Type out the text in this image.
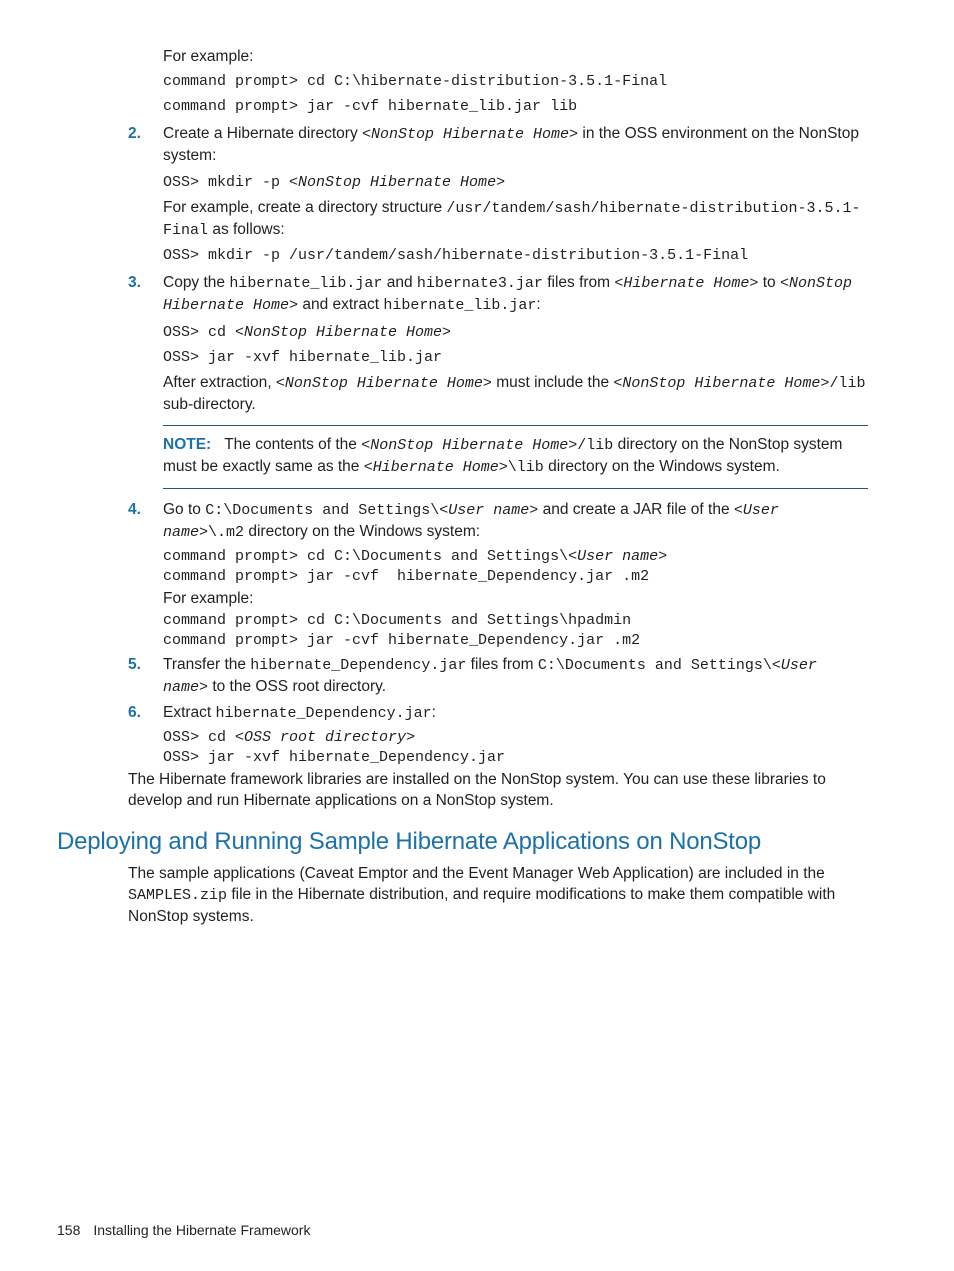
For example:

command prompt> cd C:\hibernate-distribution-3.5.1-Final
command prompt> jar -cvf hibernate_lib.jar lib
2.	Create a Hibernate directory <NonStop Hibernate Home> in the OSS environment on the NonStop system:
OSS> mkdir -p <NonStop Hibernate Home>

For example, create a directory structure /usr/tandem/sash/hibernate-distribution-3.5.1-Final as follows:

OSS> mkdir -p /usr/tandem/sash/hibernate-distribution-3.5.1-Final
3.	Copy the hibernate_lib.jar and hibernate3.jar files from <Hibernate Home> to <NonStop Hibernate Home> and extract hibernate_lib.jar:
OSS> cd <NonStop Hibernate Home>
OSS> jar -xvf hibernate_lib.jar

After extraction, <NonStop Hibernate Home> must include the <NonStop Hibernate Home>/lib sub-directory.

NOTE: The contents of the <NonStop Hibernate Home>/lib directory on the NonStop system must be exactly same as the <Hibernate Home>\lib directory on the Windows system.
4.	Go to C:\Documents and Settings\<User name> and create a JAR file of the <User name>\.m2 directory on the Windows system:
command prompt> cd C:\Documents and Settings\<User name>
command prompt> jar -cvf  hibernate_Dependency.jar .m2

For example:

command prompt> cd C:\Documents and Settings\hpadmin
command prompt> jar -cvf hibernate_Dependency.jar .m2
5.	Transfer the hibernate_Dependency.jar files from C:\Documents and Settings\<User name> to the OSS root directory.
6.	Extract hibernate_Dependency.jar:
OSS> cd <OSS root directory>
OSS> jar -xvf hibernate_Dependency.jar

The Hibernate framework libraries are installed on the NonStop system. You can use these libraries to develop and run Hibernate applications on a NonStop system.

Deploying and Running Sample Hibernate Applications on NonStop

The sample applications (Caveat Emptor and the Event Manager Web Application) are included in the SAMPLES.zip file in the Hibernate distribution, and require modifications to make them compatible with NonStop systems.

158 Installing the Hibernate Framework
